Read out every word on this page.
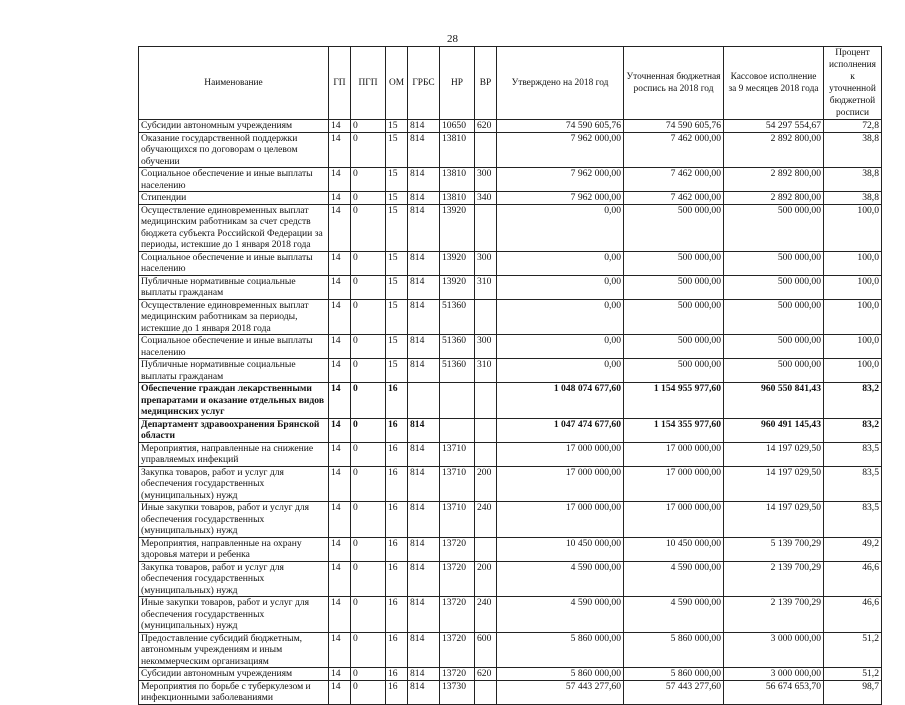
28
Наименование	ГП	ПГП	ОМ	ГРБС	НР	ВР	Утверждено на 2018 год	Уточненная бюджетная роспись на 2018 год	Кассовое исполнение за 9 месяцев 2018 года	Процент исполнения к уточненной бюджетной росписи
Субсидии автономным учреждениям	14	0	15	814	10650	620	74 590 605,76	74 590 605,76	54 297 554,67	72,8
Оказание государственной поддержки обучающихся по договорам о целевом обучении	14	0	15	814	13810		7 962 000,00	7 462 000,00	2 892 800,00	38,8
Социальное обеспечение и иные выплаты населению	14	0	15	814	13810	300	7 962 000,00	7 462 000,00	2 892 800,00	38,8
Стипендии	14	0	15	814	13810	340	7 962 000,00	7 462 000,00	2 892 800,00	38,8
Осуществление единовременных выплат медицинским работникам за счет средств бюджета субъекта Российской Федерации за периоды, истекшие до 1 января 2018 года	14	0	15	814	13920		0,00	500 000,00	500 000,00	100,0
Социальное обеспечение и иные выплаты населению	14	0	15	814	13920	300	0,00	500 000,00	500 000,00	100,0
Публичные нормативные социальные выплаты гражданам	14	0	15	814	13920	310	0,00	500 000,00	500 000,00	100,0
Осуществление единовременных выплат медицинским работникам за периоды, истекшие до 1 января 2018 года	14	0	15	814	51360		0,00	500 000,00	500 000,00	100,0
Социальное обеспечение и иные выплаты населению	14	0	15	814	51360	300	0,00	500 000,00	500 000,00	100,0
Публичные нормативные социальные выплаты гражданам	14	0	15	814	51360	310	0,00	500 000,00	500 000,00	100,0
Обеспечение граждан лекарственными препаратами и оказание отдельных видов медицинских услуг	14	0	16				1 048 074 677,60	1 154 955 977,60	960 550 841,43	83,2
Департамент здравоохранения Брянской области	14	0	16	814			1 047 474 677,60	1 154 355 977,60	960 491 145,43	83,2
Мероприятия, направленные на снижение управляемых инфекций	14	0	16	814	13710		17 000 000,00	17 000 000,00	14 197 029,50	83,5
Закупка товаров, работ и услуг для обеспечения государственных (муниципальных) нужд	14	0	16	814	13710	200	17 000 000,00	17 000 000,00	14 197 029,50	83,5
Иные закупки товаров, работ и услуг для обеспечения государственных (муниципальных) нужд	14	0	16	814	13710	240	17 000 000,00	17 000 000,00	14 197 029,50	83,5
Мероприятия, направленные на охрану здоровья матери и ребенка	14	0	16	814	13720		10 450 000,00	10 450 000,00	5 139 700,29	49,2
Закупка товаров, работ и услуг для обеспечения государственных (муниципальных) нужд	14	0	16	814	13720	200	4 590 000,00	4 590 000,00	2 139 700,29	46,6
Иные закупки товаров, работ и услуг для обеспечения государственных (муниципальных) нужд	14	0	16	814	13720	240	4 590 000,00	4 590 000,00	2 139 700,29	46,6
Предоставление субсидий бюджетным, автономным учреждениям и иным некоммерческим организациям	14	0	16	814	13720	600	5 860 000,00	5 860 000,00	3 000 000,00	51,2
Субсидии автономным учреждениям	14	0	16	814	13720	620	5 860 000,00	5 860 000,00	3 000 000,00	51,2
Мероприятия по борьбе с туберкулезом и инфекционными заболеваниями	14	0	16	814	13730		57 443 277,60	57 443 277,60	56 674 653,70	98,7
